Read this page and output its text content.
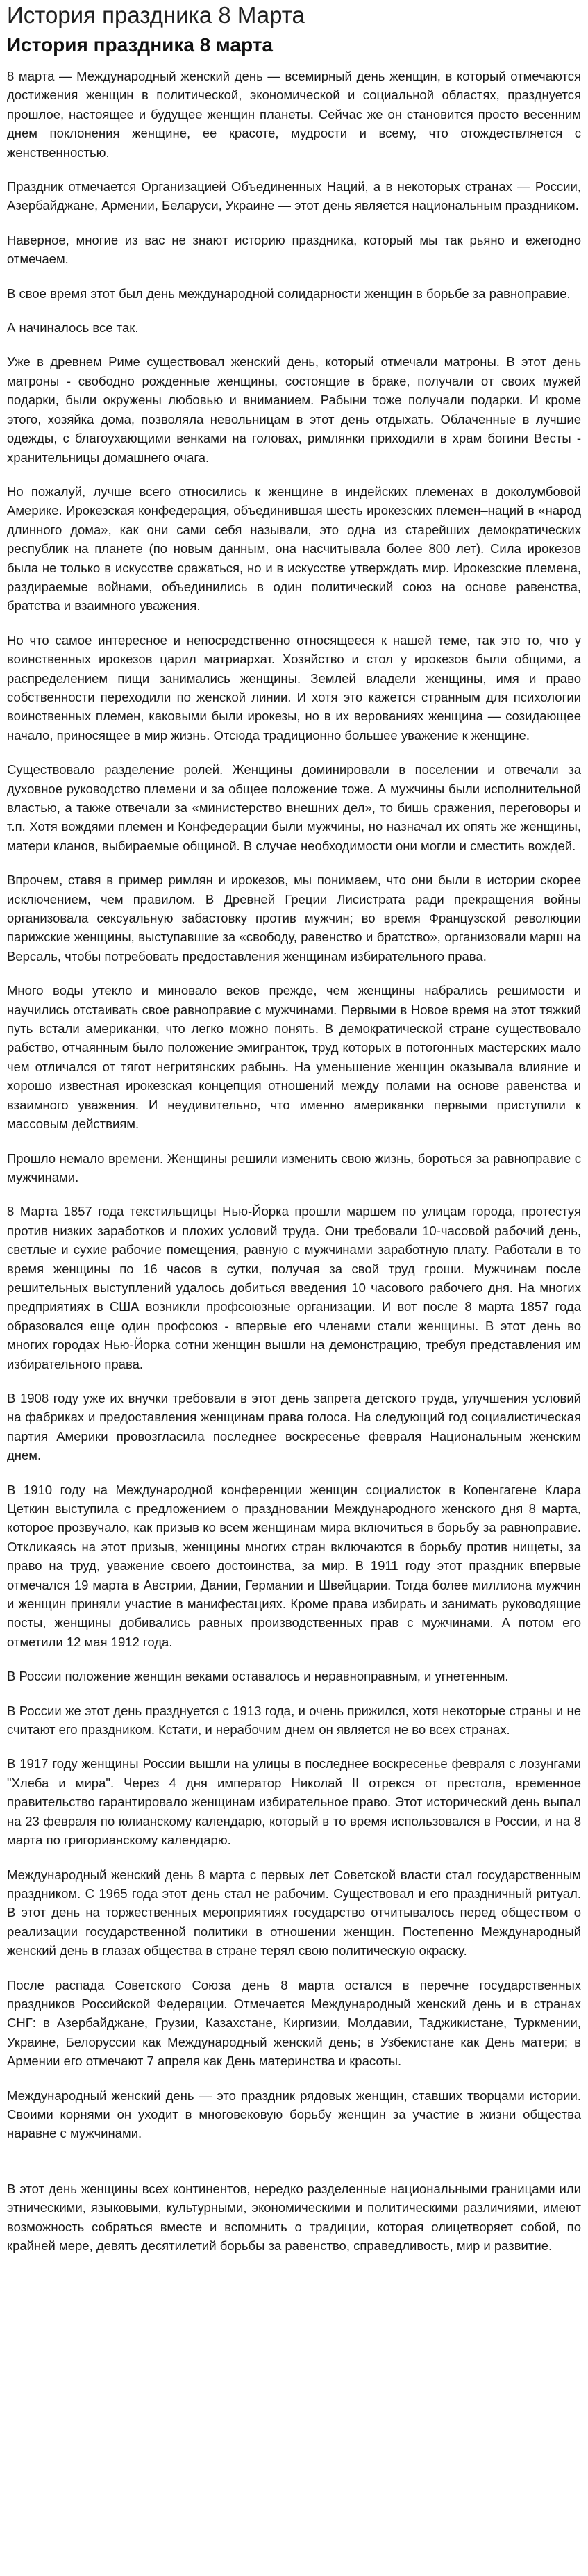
История праздника 8 Марта
История праздника 8 марта

8 марта — Международный женский день — всемирный день женщин, в который отмечаются достижения женщин в политической, экономической и социальной областях, празднуется прошлое, настоящее и будущее женщин планеты. Сейчас же он становится просто весенним днем поклонения женщине, ее красоте, мудрости и всему, что отождествляется с женственностью.

Праздник отмечается Организацией Объединенных Наций, а в некоторых странах — России, Азербайджане, Армении, Беларуси, Украине — этот день является национальным праздником.

Наверное, многие из вас не знают историю праздника, который мы так рьяно и ежегодно отмечаем.

В свое время этот был день международной солидарности женщин в борьбе за равноправие.

А начиналось все так.

Уже в древнем Риме существовал женский день, который отмечали матроны. В этот день матроны - свободно рожденные женщины, состоящие в браке, получали от своих мужей подарки, были окружены любовью и вниманием. Рабыни тоже получали подарки. И кроме этого, хозяйка дома, позволяла невольницам в этот день отдыхать. Облаченные в лучшие одежды, с благоухающими венками на головах, римлянки приходили в храм богини Весты - хранительницы домашнего очага.

Но пожалуй, лучше всего относились к женщине в индейских племенах в доколумбовой Америке. Ирокезская конфедерация, объединившая шесть ирокезских племен–наций в «народ длинного дома», как они сами себя называли, это одна из старейших демократических республик на планете (по новым данным, она насчитывала более 800 лет). Сила ирокезов была не только в искусстве сражаться, но и в искусстве утверждать мир. Ирокезские племена, раздираемые войнами, объединились в один политический союз на основе равенства, братства и взаимного уважения.

Но что самое интересное и непосредственно относящееся к нашей теме, так это то, что у воинственных ирокезов царил матриархат. Хозяйство и стол у ирокезов были общими, а распределением пищи занимались женщины. Землей владели женщины, имя и право собственности переходили по женской линии. И хотя это кажется странным для психологии воинственных племен, каковыми были ирокезы, но в их верованиях женщина — созидающее начало, приносящее в мир жизнь. Отсюда традиционно большее уважение к женщине.

Существовало разделение ролей. Женщины доминировали в поселении и отвечали за духовное руководство племени и за общее положение тоже. А мужчины были исполнительной властью, а также отвечали за «министерство внешних дел», то бишь сражения, переговоры и т.п. Хотя вождями племен и Конфедерации были мужчины, но назначал их опять же женщины, матери кланов, выбираемые общиной. В случае необходимости они могли и сместить вождей.

Впрочем, ставя в пример римлян и ирокезов, мы понимаем, что они были в истории скорее исключением, чем правилом. В Древней Греции Лисистрата ради прекращения войны организовала сексуальную забастовку против мужчин; во время Французской революции парижские женщины, выступавшие за «свободу, равенство и братство», организовали марш на Версаль, чтобы потребовать предоставления женщинам избирательного права.

Много воды утекло и миновало веков прежде, чем женщины набрались решимости и научились отстаивать свое равноправие с мужчинами. Первыми в Новое время на этот тяжкий путь встали американки, что легко можно понять. В демократической стране существовало рабство, отчаянным было положение эмигранток, труд которых в потогонных мастерских мало чем отличался от тягот негритянских рабынь. На уменьшение женщин оказывала влияние и хорошо известная ирокезская концепция отношений между полами на основе равенства и взаимного уважения. И неудивительно, что именно американки первыми приступили к массовым действиям.

Прошло немало времени. Женщины решили изменить свою жизнь, бороться за равноправие с мужчинами.

8 Марта 1857 года текстильщицы Нью-Йорка прошли маршем по улицам города, протестуя против низких заработков и плохих условий труда. Они требовали 10-часовой рабочий день, светлые и сухие рабочие помещения, равную с мужчинами заработную плату. Работали в то время женщины по 16 часов в сутки, получая за свой труд гроши. Мужчинам после решительных выступлений удалось добиться введения 10 часового рабочего дня. На многих предприятиях в США возникли профсоюзные организации. И вот после 8 марта 1857 года образовался еще один профсоюз - впервые его членами стали женщины. В этот день во многих городах Нью-Йорка сотни женщин вышли на демонстрацию, требуя представления им избирательного права.

В 1908 году уже их внучки требовали в этот день запрета детского труда, улучшения условий на фабриках и предоставления женщинам права голоса. На следующий год социалистическая партия Америки провозгласила последнее воскресенье февраля Национальным женским днем.

В 1910 году на Международной конференции женщин социалисток в Копенгагене Клара Цеткин выступила с предложением о праздновании Международного женского дня 8 марта, которое прозвучало, как призыв ко всем женщинам мира включиться в борьбу за равноправие. Откликаясь на этот призыв, женщины многих стран включаются в борьбу против нищеты, за право на труд, уважение своего достоинства, за мир. В 1911 году этот праздник впервые отмечался 19 марта в Австрии, Дании, Германии и Швейцарии. Тогда более миллиона мужчин и женщин приняли участие в манифестациях. Кроме права избирать и занимать руководящие посты, женщины добивались равных производственных прав с мужчинами. А потом его отметили 12 мая 1912 года.

В России положение женщин веками оставалось и неравноправным, и угнетенным.

В России же этот день празднуется с 1913 года, и очень прижился, хотя некоторые страны и не считают его праздником. Кстати, и нерабочим днем он является не во всех странах.

В 1917 году женщины России вышли на улицы в последнее воскресенье февраля с лозунгами "Хлеба и мира". Через 4 дня император Николай II отрекся от престола, временное правительство гарантировало женщинам избирательное право. Этот исторический день выпал на 23 февраля по юлианскому календарю, который в то время использовался в России, и на 8 марта по григорианскому календарю.

Международный женский день 8 марта с первых лет Советской власти стал государственным праздником. С 1965 года этот день стал не рабочим. Существовал и его праздничный ритуал. В этот день на торжественных мероприятиях государство отчитывалось перед обществом о реализации государственной политики в отношении женщин. Постепенно Международный женский день в глазах общества в стране терял свою политическую окраску.

После распада Советского Союза день 8 марта остался в перечне государственных праздников Российской Федерации. Отмечается Международный женский день и в странах СНГ: в Азербайджане, Грузии, Казахстане, Киргизии, Молдавии, Таджикистане, Туркмении, Украине, Белоруссии как Международный женский день; в Узбекистане как День матери; в Армении его отмечают 7 апреля как День материнства и красоты.

Международный женский день — это праздник рядовых женщин, ставших творцами истории. Своими корнями он уходит в многовековую борьбу женщин за участие в жизни общества наравне с мужчинами.

В этот день женщины всех континентов, нередко разделенные национальными границами или этническими, языковыми, культурными, экономическими и политическими различиями, имеют возможность собраться вместе и вспомнить о традиции, которая олицетворяет собой, по крайней мере, девять десятилетий борьбы за равенство, справедливость, мир и развитие.
